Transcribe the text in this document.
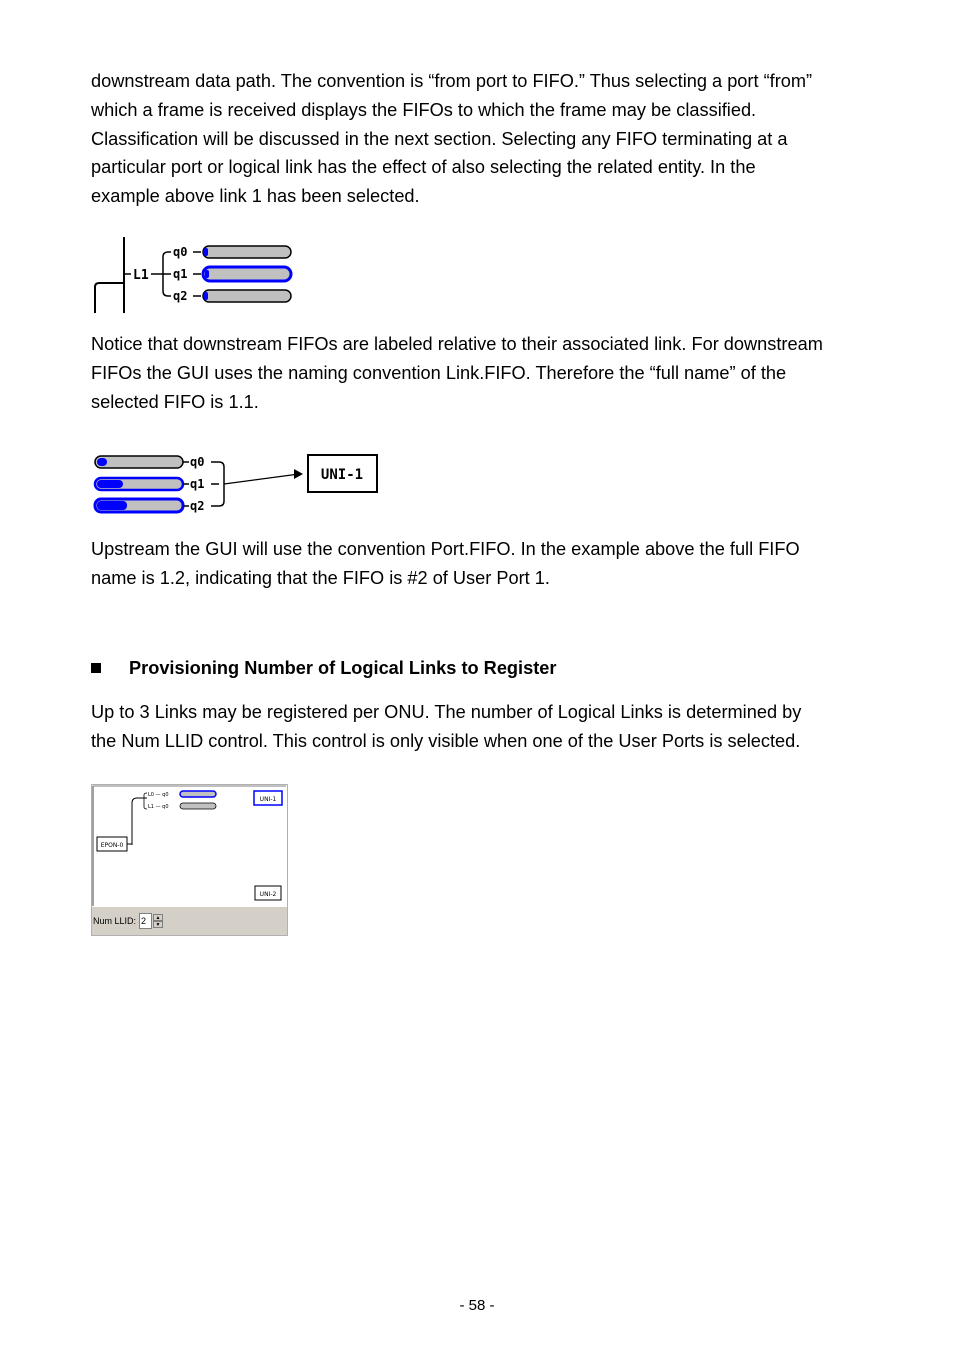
downstream data path. The convention is “from port to FIFO.” Thus selecting a port “from”
which a frame is received displays the FIFOs to which the frame may be classified.
Classification will be discussed in the next section. Selecting any FIFO terminating at a
particular port or logical link has the effect of also selecting the related entity. In the
example above link 1 has been selected.
L1
q0
q1
q2
Notice that downstream FIFOs are labeled relative to their associated link. For downstream
FIFOs the GUI uses the naming convention Link.FIFO. Therefore the “full name” of the
selected FIFO is 1.1.
q0
q1
q2
UNI-1
Upstream the GUI will use the convention Port.FIFO. In the example above the full FIFO
name is 1.2, indicating that the FIFO is #2 of User Port 1.
Provisioning Number of Logical Links to Register
Up to 3 Links may be registered per ONU. The number of Logical Links is determined by
the Num LLID control. This control is only visible when one of the User Ports is selected.
EPON-0
L0 — q0
L1 — q0
UNI-1
UNI-2
Num LLID: 2	▲
▼
- 58 -
